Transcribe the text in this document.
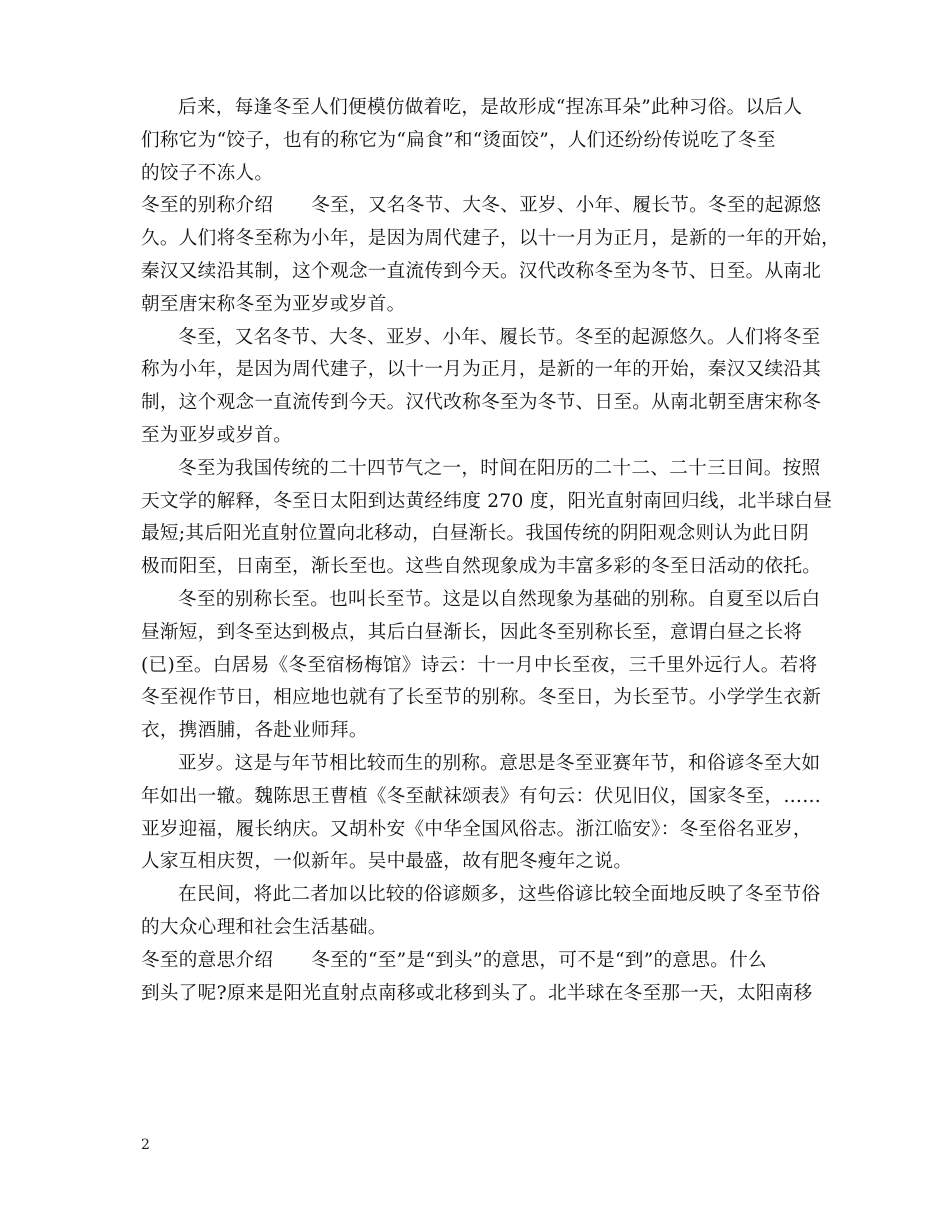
后来，每逢冬至人们便模仿做着吃，是故形成“捏冻耳朵”此种习俗。以后人
们称它为“饺子，也有的称它为“扁食”和“烫面饺”，人们还纷纷传说吃了冬至
的饺子不冻人。
冬至的别称介绍 冬至，又名冬节、大冬、亚岁、小年、履长节。冬至的起源悠
久。人们将冬至称为小年，是因为周代建子，以十一月为正月，是新的一年的开始，
秦汉又续沿其制，这个观念一直流传到今天。汉代改称冬至为冬节、日至。从南北
朝至唐宋称冬至为亚岁或岁首。
冬至，又名冬节、大冬、亚岁、小年、履长节。冬至的起源悠久。人们将冬至
称为小年，是因为周代建子，以十一月为正月，是新的一年的开始，秦汉又续沿其
制，这个观念一直流传到今天。汉代改称冬至为冬节、日至。从南北朝至唐宋称冬
至为亚岁或岁首。
冬至为我国传统的二十四节气之一，时间在阳历的二十二、二十三日间。按照
天文学的解释，冬至日太阳到达黄经纬度 270 度，阳光直射南回归线，北半球白昼
最短;其后阳光直射位置向北移动，白昼渐长。我国传统的阴阳观念则认为此日阴
极而阳至，日南至，渐长至也。这些自然现象成为丰富多彩的冬至日活动的依托。
冬至的别称长至。也叫长至节。这是以自然现象为基础的别称。自夏至以后白
昼渐短，到冬至达到极点，其后白昼渐长，因此冬至别称长至，意谓白昼之长将
(已)至。白居易《冬至宿杨梅馆》诗云：十一月中长至夜，三千里外远行人。若将
冬至视作节日，相应地也就有了长至节的别称。冬至日，为长至节。小学学生衣新
衣，携酒脯，各赴业师拜。
亚岁。这是与年节相比较而生的别称。意思是冬至亚赛年节，和俗谚冬至大如
年如出一辙。魏陈思王曹植《冬至献袜颂表》有句云：伏见旧仪，国家冬至，……
亚岁迎福，履长纳庆。又胡朴安《中华全国风俗志。浙江临安》：冬至俗名亚岁，
人家互相庆贺，一似新年。吴中最盛，故有肥冬瘦年之说。
在民间，将此二者加以比较的俗谚颇多，这些俗谚比较全面地反映了冬至节俗
的大众心理和社会生活基础。
冬至的意思介绍 冬至的“至”是“到头”的意思，可不是“到”的意思。什么
到头了呢?原来是阳光直射点南移或北移到头了。北半球在冬至那一天，太阳南移
2
